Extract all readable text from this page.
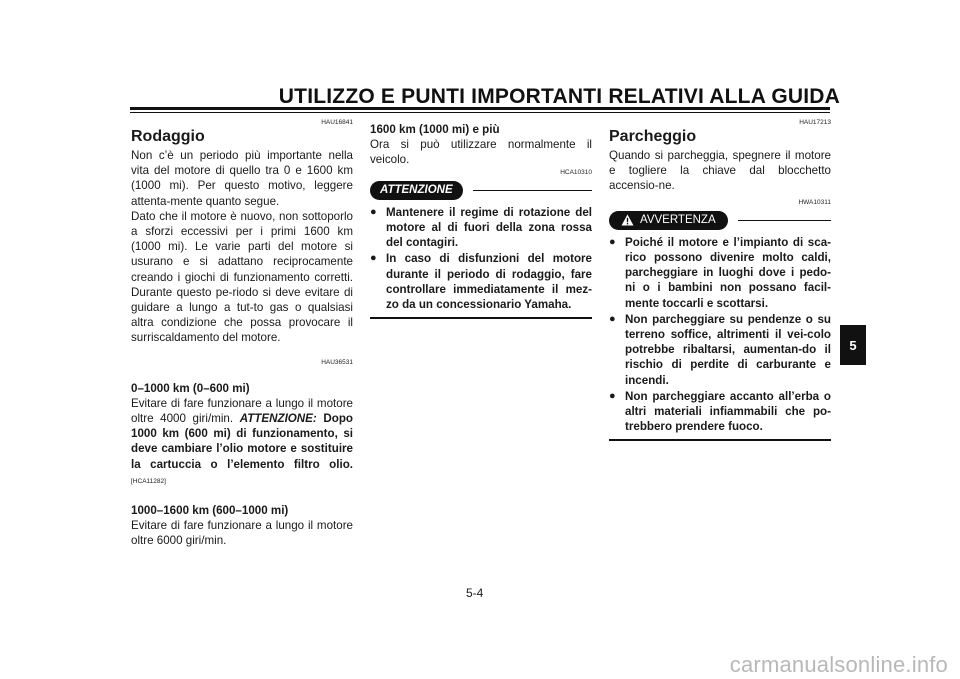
UTILIZZO E PUNTI IMPORTANTI RELATIVI ALLA GUIDA
5
HAU16841
Rodaggio

Non c’è un periodo più importante nella vita del motore di quello tra 0 e 1600 km (1000 mi). Per questo motivo, leggere attenta-mente quanto segue.

Dato che il motore è nuovo, non sottoporlo a sforzi eccessivi per i primi 1600 km (1000 mi). Le varie parti del motore si usurano e si adattano reciprocamente creando i giochi di funzionamento corretti. Durante questo pe-riodo si deve evitare di guidare a lungo a tut-to gas o qualsiasi altra condizione che possa provocare il surriscaldamento del motore.

HAU36531

0–1000 km (0–600 mi)

Evitare di fare funzionare a lungo il motore oltre 4000 giri/min. ATTENZIONE: Dopo 1000 km (600 mi) di funzionamento, si deve cambiare l’olio motore e sostituire la cartuccia o l’elemento filtro olio.[HCA11282]

1000–1600 km (600–1000 mi)

Evitare di fare funzionare a lungo il motore oltre 6000 giri/min.

1600 km (1000 mi) e più

Ora si può utilizzare normalmente il veicolo.

HCA10310
ATTENZIONE
● Mantenere il regime di rotazione del motore al di fuori della zona rossa del contagiri.
● In caso di disfunzioni del motore durante il periodo di rodaggio, fare controllare immediatamente il mez-zo da un concessionario Yamaha.
HAU17213
Parcheggio

Quando si parcheggia, spegnere il motore e togliere la chiave dal blocchetto accensio-ne.

HWA10311
AVVERTENZA
● Poiché il motore e l’impianto di sca-rico possono divenire molto caldi, parcheggiare in luoghi dove i pedo-ni o i bambini non possano facil-mente toccarli e scottarsi.
● Non parcheggiare su pendenze o su terreno soffice, altrimenti il vei-colo potrebbe ribaltarsi, aumentan-do il rischio di perdite di carburante e incendi.
● Non parcheggiare accanto all’erba o altri materiali infiammabili che po-trebbero prendere fuoco.
5-4
carmanualsonline.info
